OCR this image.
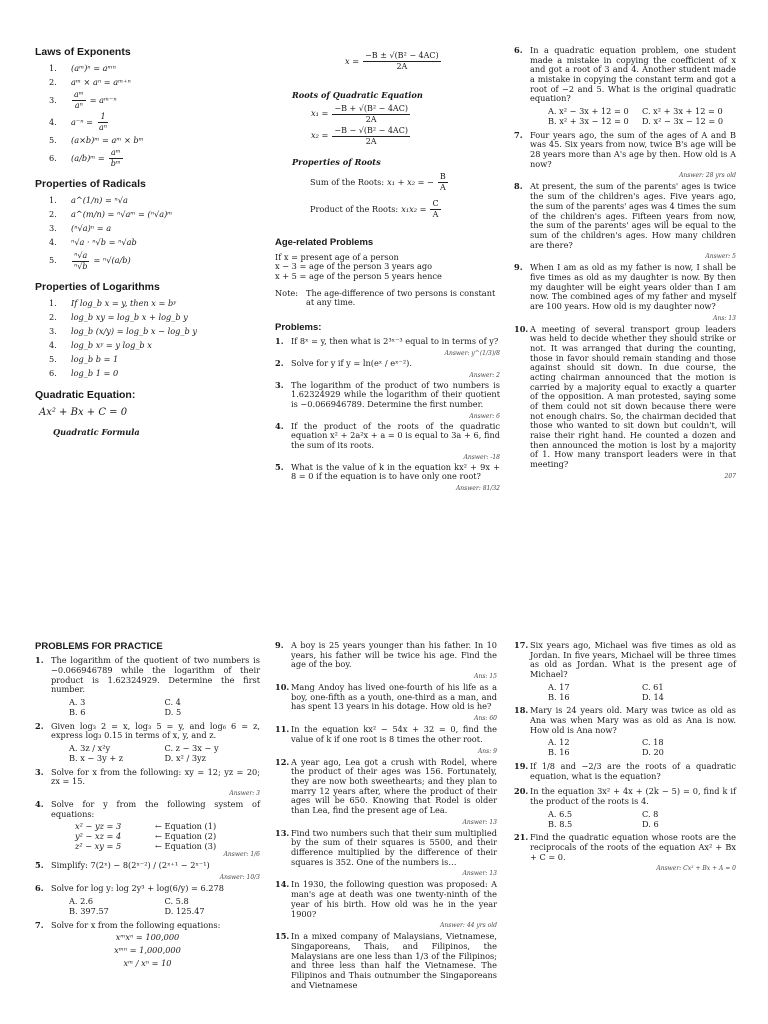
Laws of Exponents
1.	(aᵐ)ⁿ = aᵐⁿ
2.	aᵐ × aⁿ = aᵐ⁺ⁿ
3.	$\frac{\text{aᵐ}}{\text{aⁿ}}$ = aᵐ⁻ⁿ
4.	$a^{-n} = \frac{1}{\text{aⁿ}}$
5.	(a×b)ᵐ = aᵐ × bᵐ
6.	(a/b)ᵐ = $\frac{\text{aᵐ}}{\text{bᵐ}}$
Properties of Radicals
1.	a^(1/n) = ⁿ√a
2.	a^(m/n) = ⁿ√aᵐ = (ⁿ√a)ᵐ
3.	(ⁿ√a)ⁿ = a
4.	ⁿ√a · ⁿ√b = ⁿ√ab
5.	$\frac{\text{ⁿ√a}}{\text{ⁿ√b}} = ^n√(a/b)$
Properties of Logarithms
1.	If log_b x = y, then x = bʸ
2.	log_b xy = log_b x + log_b y
3.	log_b (x/y) = log_b x − log_b y
4.	log_b xʸ = y log_b x
5.	log_b b = 1
6.	log_b 1 = 0
Quadratic Equation:
Ax² + Bx + C = 0
Quadratic Formula
$x = \frac{\text{−B ± √(B² − 4AC)}}{2A}$
Roots of Quadratic Equation
$x_1 = \frac{\text{−B + √(B² − 4AC)}}{2A}$
$x_2 = \frac{\text{−B − √(B² − 4AC)}}{2A}$
Properties of Roots
Sum of the Roots: x₁ + x₂ = − $\frac{B}{A}$
Product of the Roots: $x_1x_2 = \frac{C}{A}$
Age-related Problems
If x = present age of a person
x − 3 = age of the person 3 years ago
x + 5 = age of the person 5 years hence
Note: The age-difference of two persons is constant at any time.
Problems:
1. If 8ˣ = y, then what is 2³ˣ⁻³ equal to in terms of y?
Answer: y^(1/3)/8
2. Solve for y if y = ln(eˣ / eˣ⁻²).
Answer: 2
3. The logarithm of the product of two numbers is 1.62324929 while the logarithm of their quotient is −0.066946789. Determine the first number.
Answer: 6
4. If the product of the roots of the quadratic equation x² + 2a²x + a = 0 is equal to 3a + 6, find the sum of its roots.
Answer: -18
5. What is the value of k in the equation kx² + 9x + 8 = 0 if the equation is to have only one root?
Answer: 81/32
6. In a quadratic equation problem, one student made a mistake in copying the coefficient of x and got a root of 3 and 4. Another student made a mistake in copying the constant term and got a root of −2 and 5. What is the original quadratic equation?
A. x² − 3x + 12 = 0	C. x² + 3x + 12 = 0
B. x² + 3x − 12 = 0	D. x² − 3x − 12 = 0
7. Four years ago, the sum of the ages of A and B was 45. Six years from now, twice B's age will be 28 years more than A's age by then. How old is A now?
Answer: 28 yrs old
8. At present, the sum of the parents' ages is twice the sum of the children's ages. Five years ago, the sum of the parents' ages was 4 times the sum of the children's ages. Fifteen years from now, the sum of the parents' ages will be equal to the sum of the children's ages. How many children are there?
Answer: 5
9. When I am as old as my father is now, I shall be five times as old as my daughter is now. By then my daughter will be eight years older than I am now. The combined ages of my father and myself are 100 years. How old is my daughter now?
Ans: 13
10. A meeting of several transport group leaders was held to decide whether they should strike or not. It was arranged that during the counting, those in favor should remain standing and those against should sit down. In due course, the acting chairman announced that the motion is carried by a majority equal to exactly a quarter of the opposition. A man protested, saying some of them could not sit down because there were not enough chairs. So, the chairman decided that those who wanted to sit down but couldn't, will raise their right hand. He counted a dozen and then announced the motion is lost by a majority of 1. How many transport leaders were in that meeting?
207
PROBLEMS FOR PRACTICE
1. The logarithm of the quotient of two numbers is −0.066946789 while the logarithm of their product is 1.62324929. Determine the first number.
A. 3	C. 4
B. 6	D. 5
2. Given log₃ 2 = x, log₃ 5 = y, and log₆ 6 = z, express log₃ 0.15 in terms of x, y, and z.
A. 3z / x²y	C. z − 3x − y
B. x − 3y + z	D. x² / 3yz
3. Solve for x from the following: xy = 12; yz = 20; zx = 15.
Answer: 3
4. Solve for y from the following system of equations:
x² − yz = 3	← Equation (1)
y² − xz = 4	← Equation (2)
z² − xy = 5	← Equation (3)
Answer: 1/6
5. Simplify: 7(2ˣ) − 8(2ˣ⁻²) / (2ˣ⁺¹ − 2ˣ⁻¹)
Answer: 10/3
6. Solve for log y: log 2y³ + log(6/y) = 6.278
A. 2.6	C. 5.8
B. 397.57	D. 125.47
7. Solve for x from the following equations:
xᵐxⁿ = 100,000
xᵐⁿ = 1,000,000
xᵐ / xⁿ = 10
9. A boy is 25 years younger than his father. In 10 years, his father will be twice his age. Find the age of the boy.
Ans: 15
10. Mang Andoy has lived one-fourth of his life as a boy, one-fifth as a youth, one-third as a man, and has spent 13 years in his dotage. How old is he?
Ans: 60
11. In the equation kx² − 54x + 32 = 0, find the value of k if one root is 8 times the other root.
Ans: 9
12. A year ago, Lea got a crush with Rodel, where the product of their ages was 156. Fortunately, they are now both sweethearts; and they plan to marry 12 years after, where the product of their ages will be 650. Knowing that Rodel is older than Lea, find the present age of Lea.
Answer: 13
13. Find two numbers such that their sum multiplied by the sum of their squares is 5500, and their difference multiplied by the difference of their squares is 352. One of the numbers is…
Answer: 13
14. In 1930, the following question was proposed: A man's age at death was one twenty-ninth of the year of his birth. How old was he in the year 1900?
Answer: 44 yrs old
15. In a mixed company of Malaysians, Vietnamese, Singaporeans, Thais, and Filipinos, the Malaysians are one less than 1/3 of the Filipinos; and three less than half the Vietnamese. The Filipinos and Thais outnumber the Singaporeans and Vietnamese
17. Six years ago, Michael was five times as old as Jordan. In five years, Michael will be three times as old as Jordan. What is the present age of Michael?
A. 17	C. 61
B. 16	D. 14
18. Mary is 24 years old. Mary was twice as old as Ana was when Mary was as old as Ana is now. How old is Ana now?
A. 12	C. 18
B. 16	D. 20
19. If 1/8 and −2/3 are the roots of a quadratic equation, what is the equation?
20. In the equation 3x² + 4x + (2k − 5) = 0, find k if the product of the roots is 4.
A. 6.5	C. 8
B. 8.5	D. 6
21. Find the quadratic equation whose roots are the reciprocals of the roots of the equation Ax² + Bx + C = 0.
Answer: Cx² + Bx + A = 0
